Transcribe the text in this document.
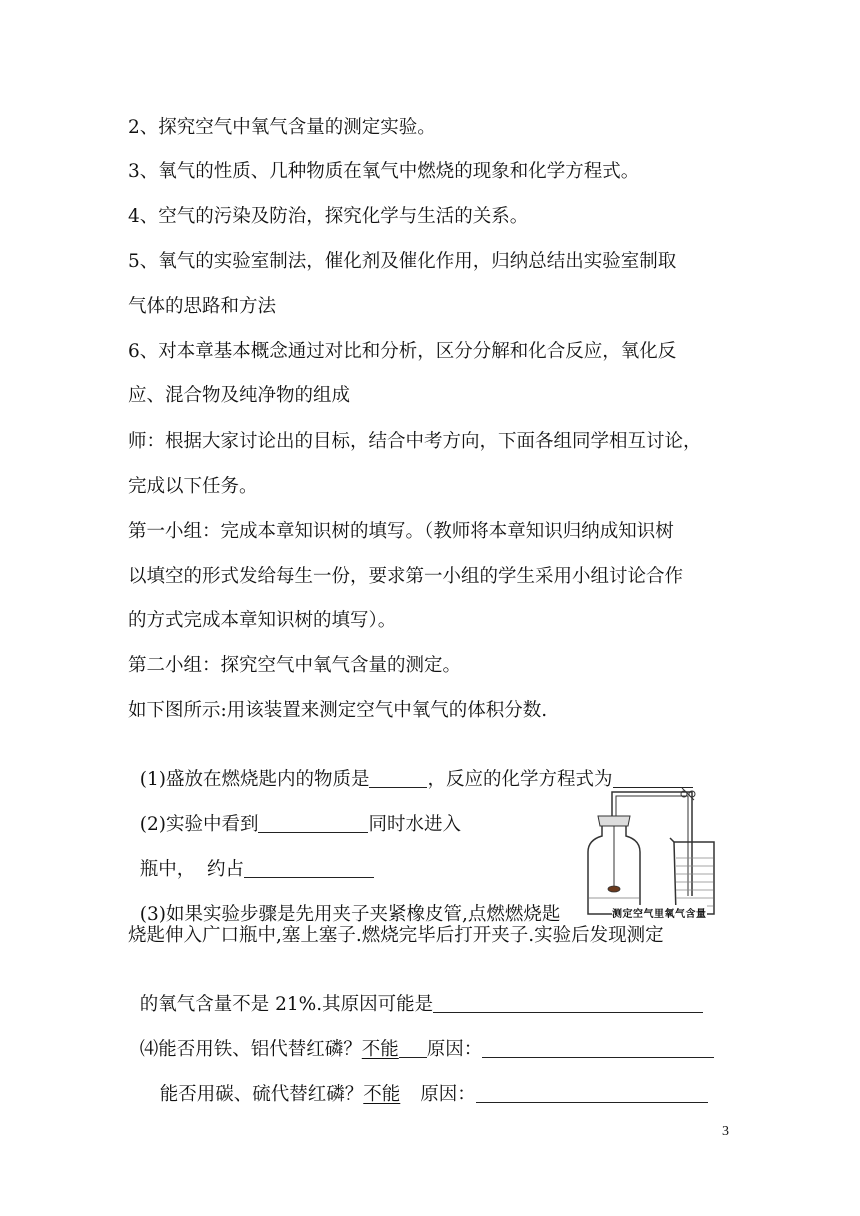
2、探究空气中氧气含量的测定实验。
3、氧气的性质、几种物质在氧气中燃烧的现象和化学方程式。
4、空气的污染及防治，探究化学与生活的关系。
5、氧气的实验室制法，催化剂及催化作用，归纳总结出实验室制取
气体的思路和方法
6、对本章基本概念通过对比和分析，区分分解和化合反应，氧化反
应、混合物及纯净物的组成
师：根据大家讨论出的目标，结合中考方向，下面各组同学相互讨论，
完成以下任务。
第一小组：完成本章知识树的填写。（教师将本章知识归纳成知识树
以填空的形式发给每生一份，要求第一小组的学生采用小组讨论合作
的方式完成本章知识树的填写）。
第二小组：探究空气中氧气含量的测定。
如下图所示:用该装置来测定空气中氧气的体积分数.

(1)盛放在燃烧匙内的物质是	，反应的化学方程式为

(2)实验中看到	同时水进入

瓶中，  约占

(3)如果实验步骤是先用夹子夹紧橡皮管,点燃燃烧匙	测定空气里氧气含量
烧匙伸入广口瓶中,塞上塞子.燃烧完毕后打开夹子.实验后发现测定

的氧气含量不是 21%.其原因可能是

⑷能否用铁、铝代替红磷？不能 原因：

能否用碳、硫代替红磷？不能 原因：

3
